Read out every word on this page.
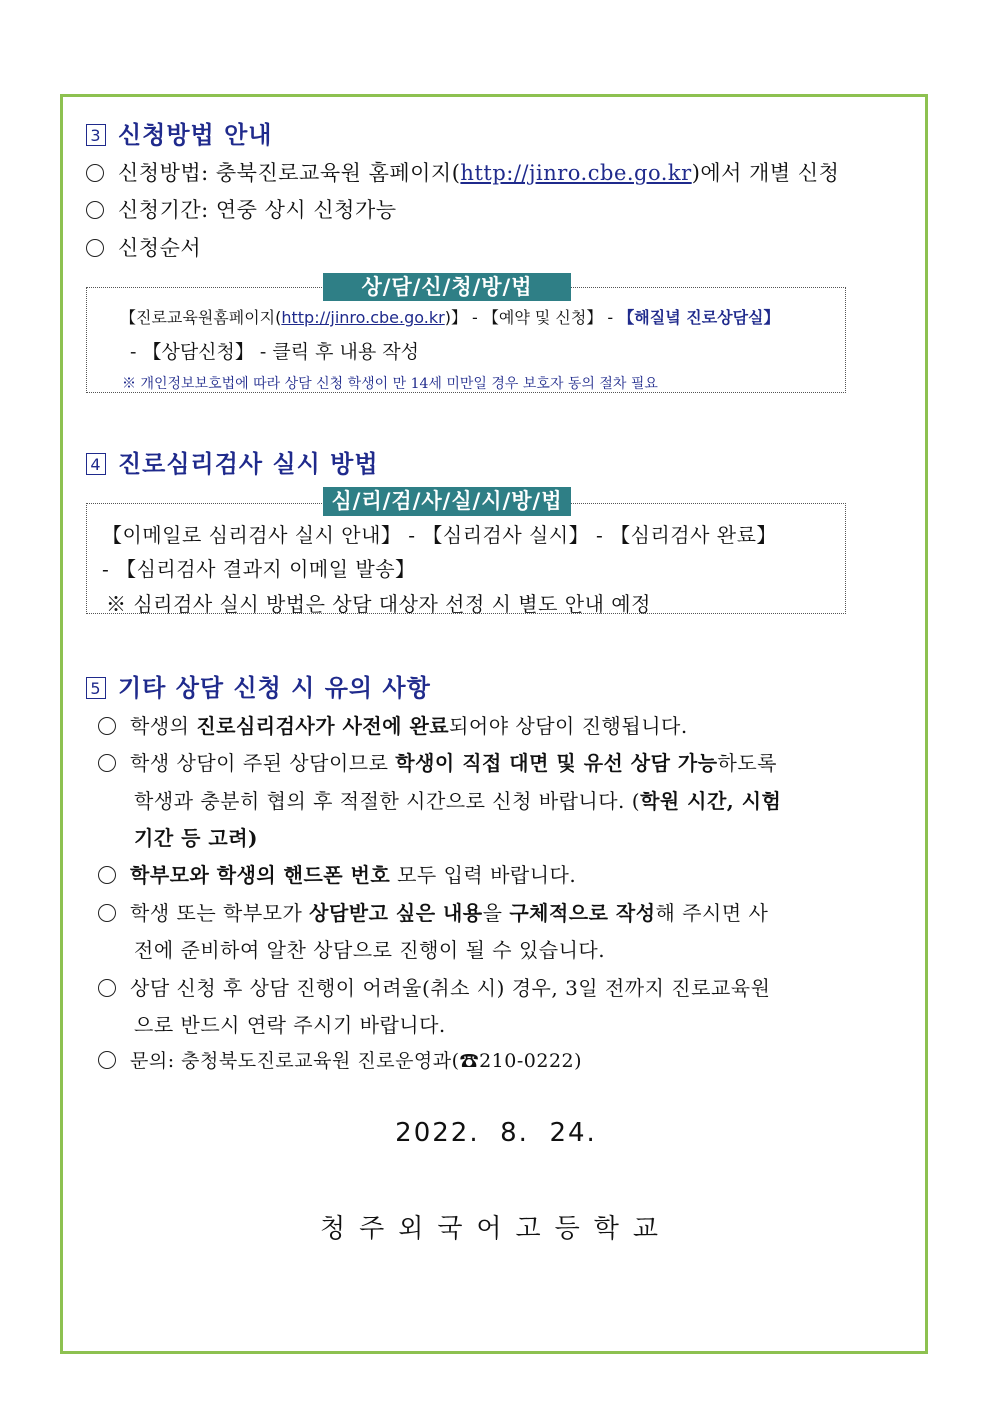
3 신청방법 안내
신청방법: 충북진로교육원 홈페이지(http://jinro.cbe.go.kr)에서 개별 신청
신청기간: 연중 상시 신청가능
신청순서
상/담/신/청/방/법
【진로교육원홈페이지(http://jinro.cbe.go.kr)】 - 【예약 및 신청】 - 【해질녘 진로상담실】
- 【상담신청】 - 클릭 후 내용 작성
※ 개인정보보호법에 따라 상담 신청 학생이 만 14세 미만일 경우 보호자 동의 절차 필요
4 진로심리검사 실시 방법
심/리/검/사/실/시/방/법
【이메일로 심리검사 실시 안내】 - 【심리검사 실시】 - 【심리검사 완료】
- 【심리검사 결과지 이메일 발송】
※ 심리검사 실시 방법은 상담 대상자 선정 시 별도 안내 예정
5 기타 상담 신청 시 유의 사항
학생의 진로심리검사가 사전에 완료되어야 상담이 진행됩니다.
학생 상담이 주된 상담이므로 학생이 직접 대면 및 유선 상담 가능하도록
학생과 충분히 협의 후 적절한 시간으로 신청 바랍니다. (학원 시간, 시험
기간 등 고려)
학부모와 학생의 핸드폰 번호 모두 입력 바랍니다.
학생 또는 학부모가 상담받고 싶은 내용을 구체적으로 작성해 주시면 사
전에 준비하여 알찬 상담으로 진행이 될 수 있습니다.
상담 신청 후 상담 진행이 어려울(취소 시) 경우, 3일 전까지 진로교육원
으로 반드시 연락 주시기 바랍니다.
문의: 충청북도진로교육원 진로운영과(☎210-0222)
2022.  8.  24.
청주외국어고등학교
